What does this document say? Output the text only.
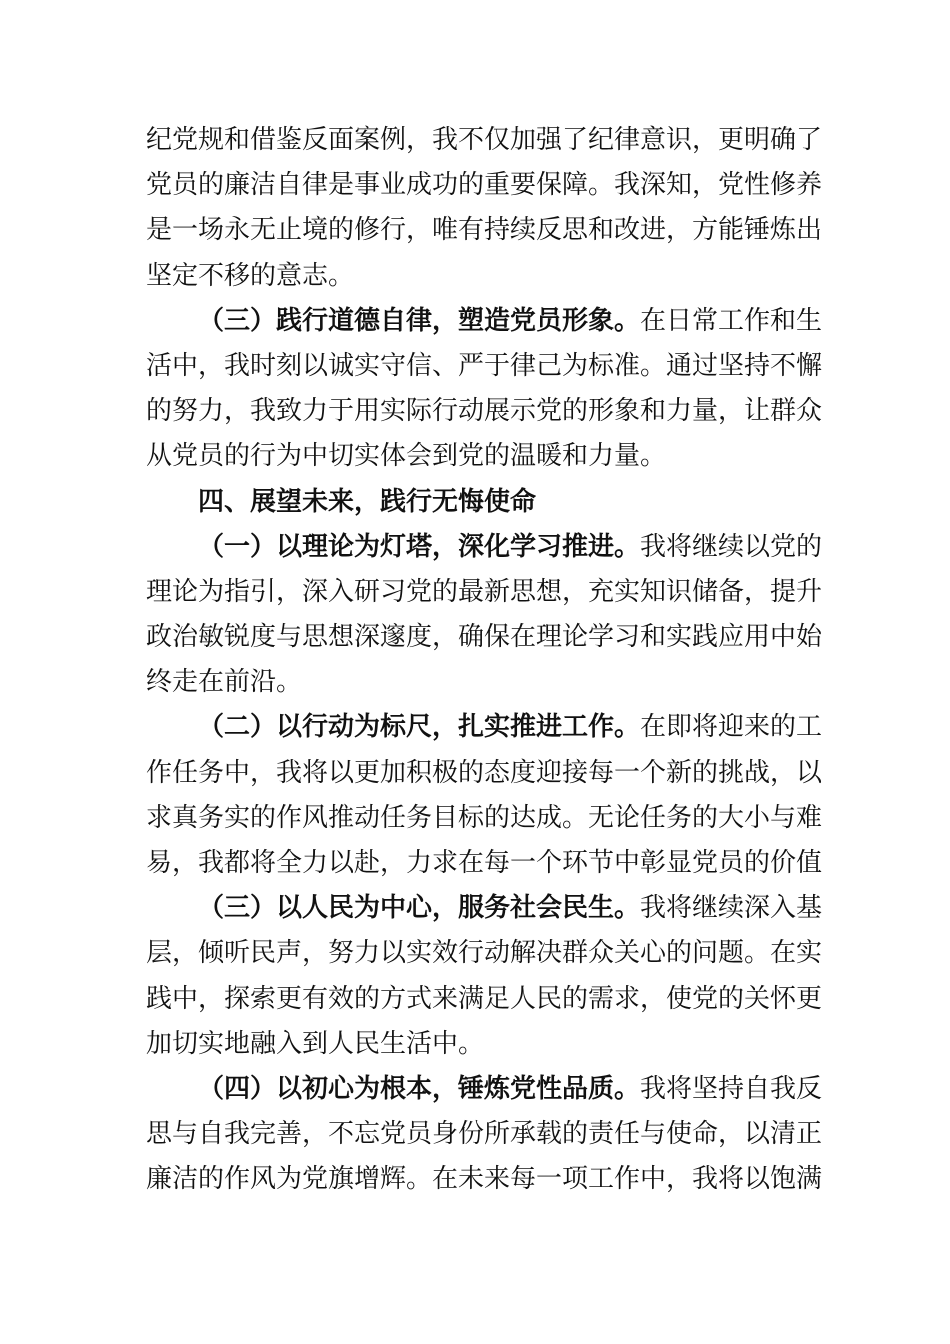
纪党规和借鉴反面案例，我不仅加强了纪律意识，更明确了
党员的廉洁自律是事业成功的重要保障。我深知，党性修养
是一场永无止境的修行，唯有持续反思和改进，方能锤炼出
坚定不移的意志。
（三）践行道德自律，塑造党员形象。在日常工作和生
活中，我时刻以诚实守信、严于律己为标准。通过坚持不懈
的努力，我致力于用实际行动展示党的形象和力量，让群众
从党员的行为中切实体会到党的温暖和力量。
四、展望未来，践行无悔使命
（一）以理论为灯塔，深化学习推进。我将继续以党的
理论为指引，深入研习党的最新思想，充实知识储备，提升
政治敏锐度与思想深邃度，确保在理论学习和实践应用中始
终走在前沿。
（二）以行动为标尺，扎实推进工作。在即将迎来的工
作任务中，我将以更加积极的态度迎接每一个新的挑战，以
求真务实的作风推动任务目标的达成。无论任务的大小与难
易，我都将全力以赴，力求在每一个环节中彰显党员的价值
（三）以人民为中心，服务社会民生。我将继续深入基
层，倾听民声，努力以实效行动解决群众关心的问题。在实
践中，探索更有效的方式来满足人民的需求，使党的关怀更
加切实地融入到人民生活中。
（四）以初心为根本，锤炼党性品质。我将坚持自我反
思与自我完善，不忘党员身份所承载的责任与使命，以清正
廉洁的作风为党旗增辉。在未来每一项工作中，我将以饱满
